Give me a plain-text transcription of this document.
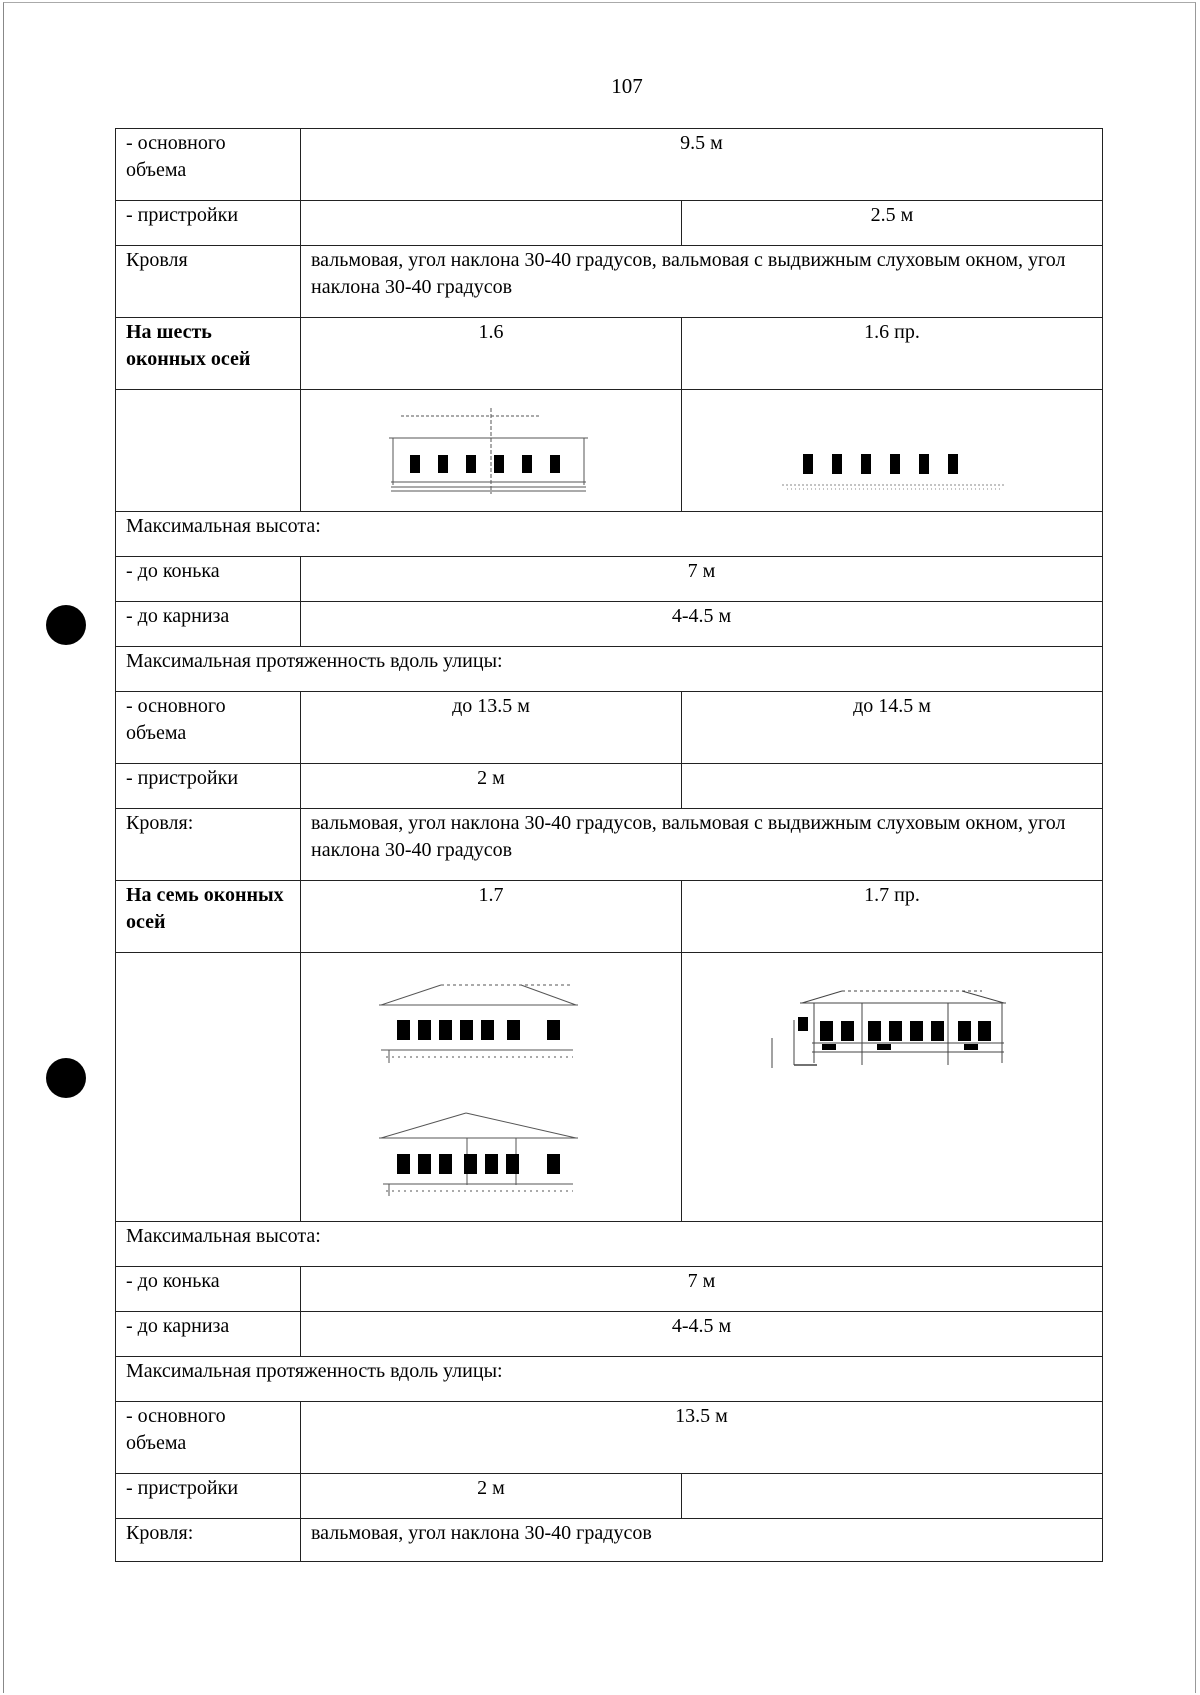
107
- основного объема	9.5 м	
- пристройки		2.5 м
Кровля	вальмовая, угол наклона 30-40 градусов, вальмовая с выдвижным слуховым окном, угол наклона 30-40 градусов	
На шесть оконных осей	1.6	1.6 пр.

Максимальная высота:		
- до конька	7 м	
- до карниза	4-4.5 м	
Максимальная протяженность вдоль улицы:		
- основного объема	до 13.5 м	до 14.5 м
- пристройки	2 м	
Кровля:	вальмовая, угол наклона 30-40 градусов, вальмовая с выдвижным слуховым окном, угол наклона 30-40 градусов	
На семь оконных осей	1.7	1.7 пр.

Максимальная высота:		
- до конька	7 м	
- до карниза	4-4.5 м	
Максимальная протяженность вдоль улицы:		
- основного объема	13.5 м	
- пристройки	2 м	
Кровля:	вальмовая, угол наклона 30-40 градусов	
